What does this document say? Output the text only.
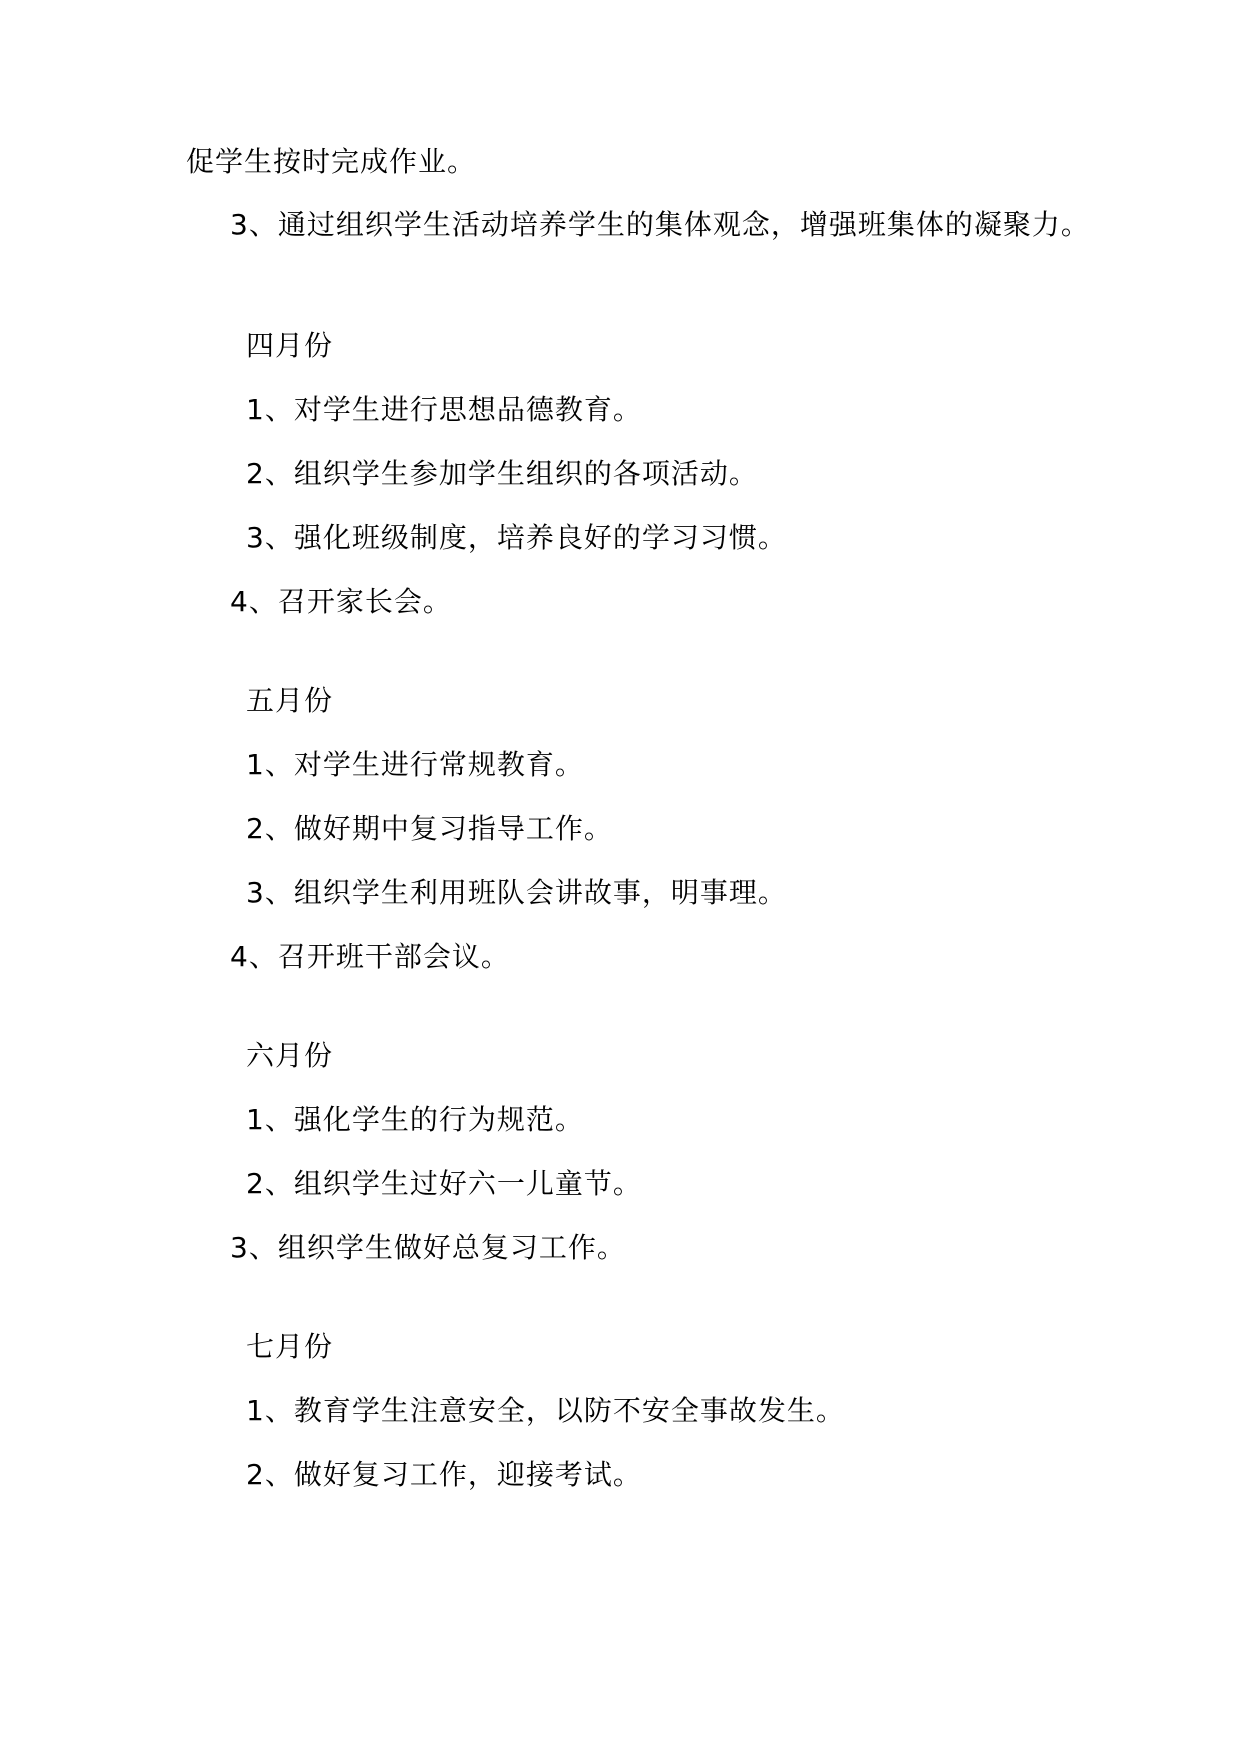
促学生按时完成作业。
3、通过组织学生活动培养学生的集体观念，增强班集体的凝聚力。
四月份
1、对学生进行思想品德教育。
2、组织学生参加学生组织的各项活动。
3、强化班级制度，培养良好的学习习惯。
4、召开家长会。
五月份
1、对学生进行常规教育。
2、做好期中复习指导工作。
3、组织学生利用班队会讲故事，明事理。
4、召开班干部会议。
六月份
1、强化学生的行为规范。
2、组织学生过好六一儿童节。
3、组织学生做好总复习工作。
七月份
1、教育学生注意安全，以防不安全事故发生。
2、做好复习工作，迎接考试。
